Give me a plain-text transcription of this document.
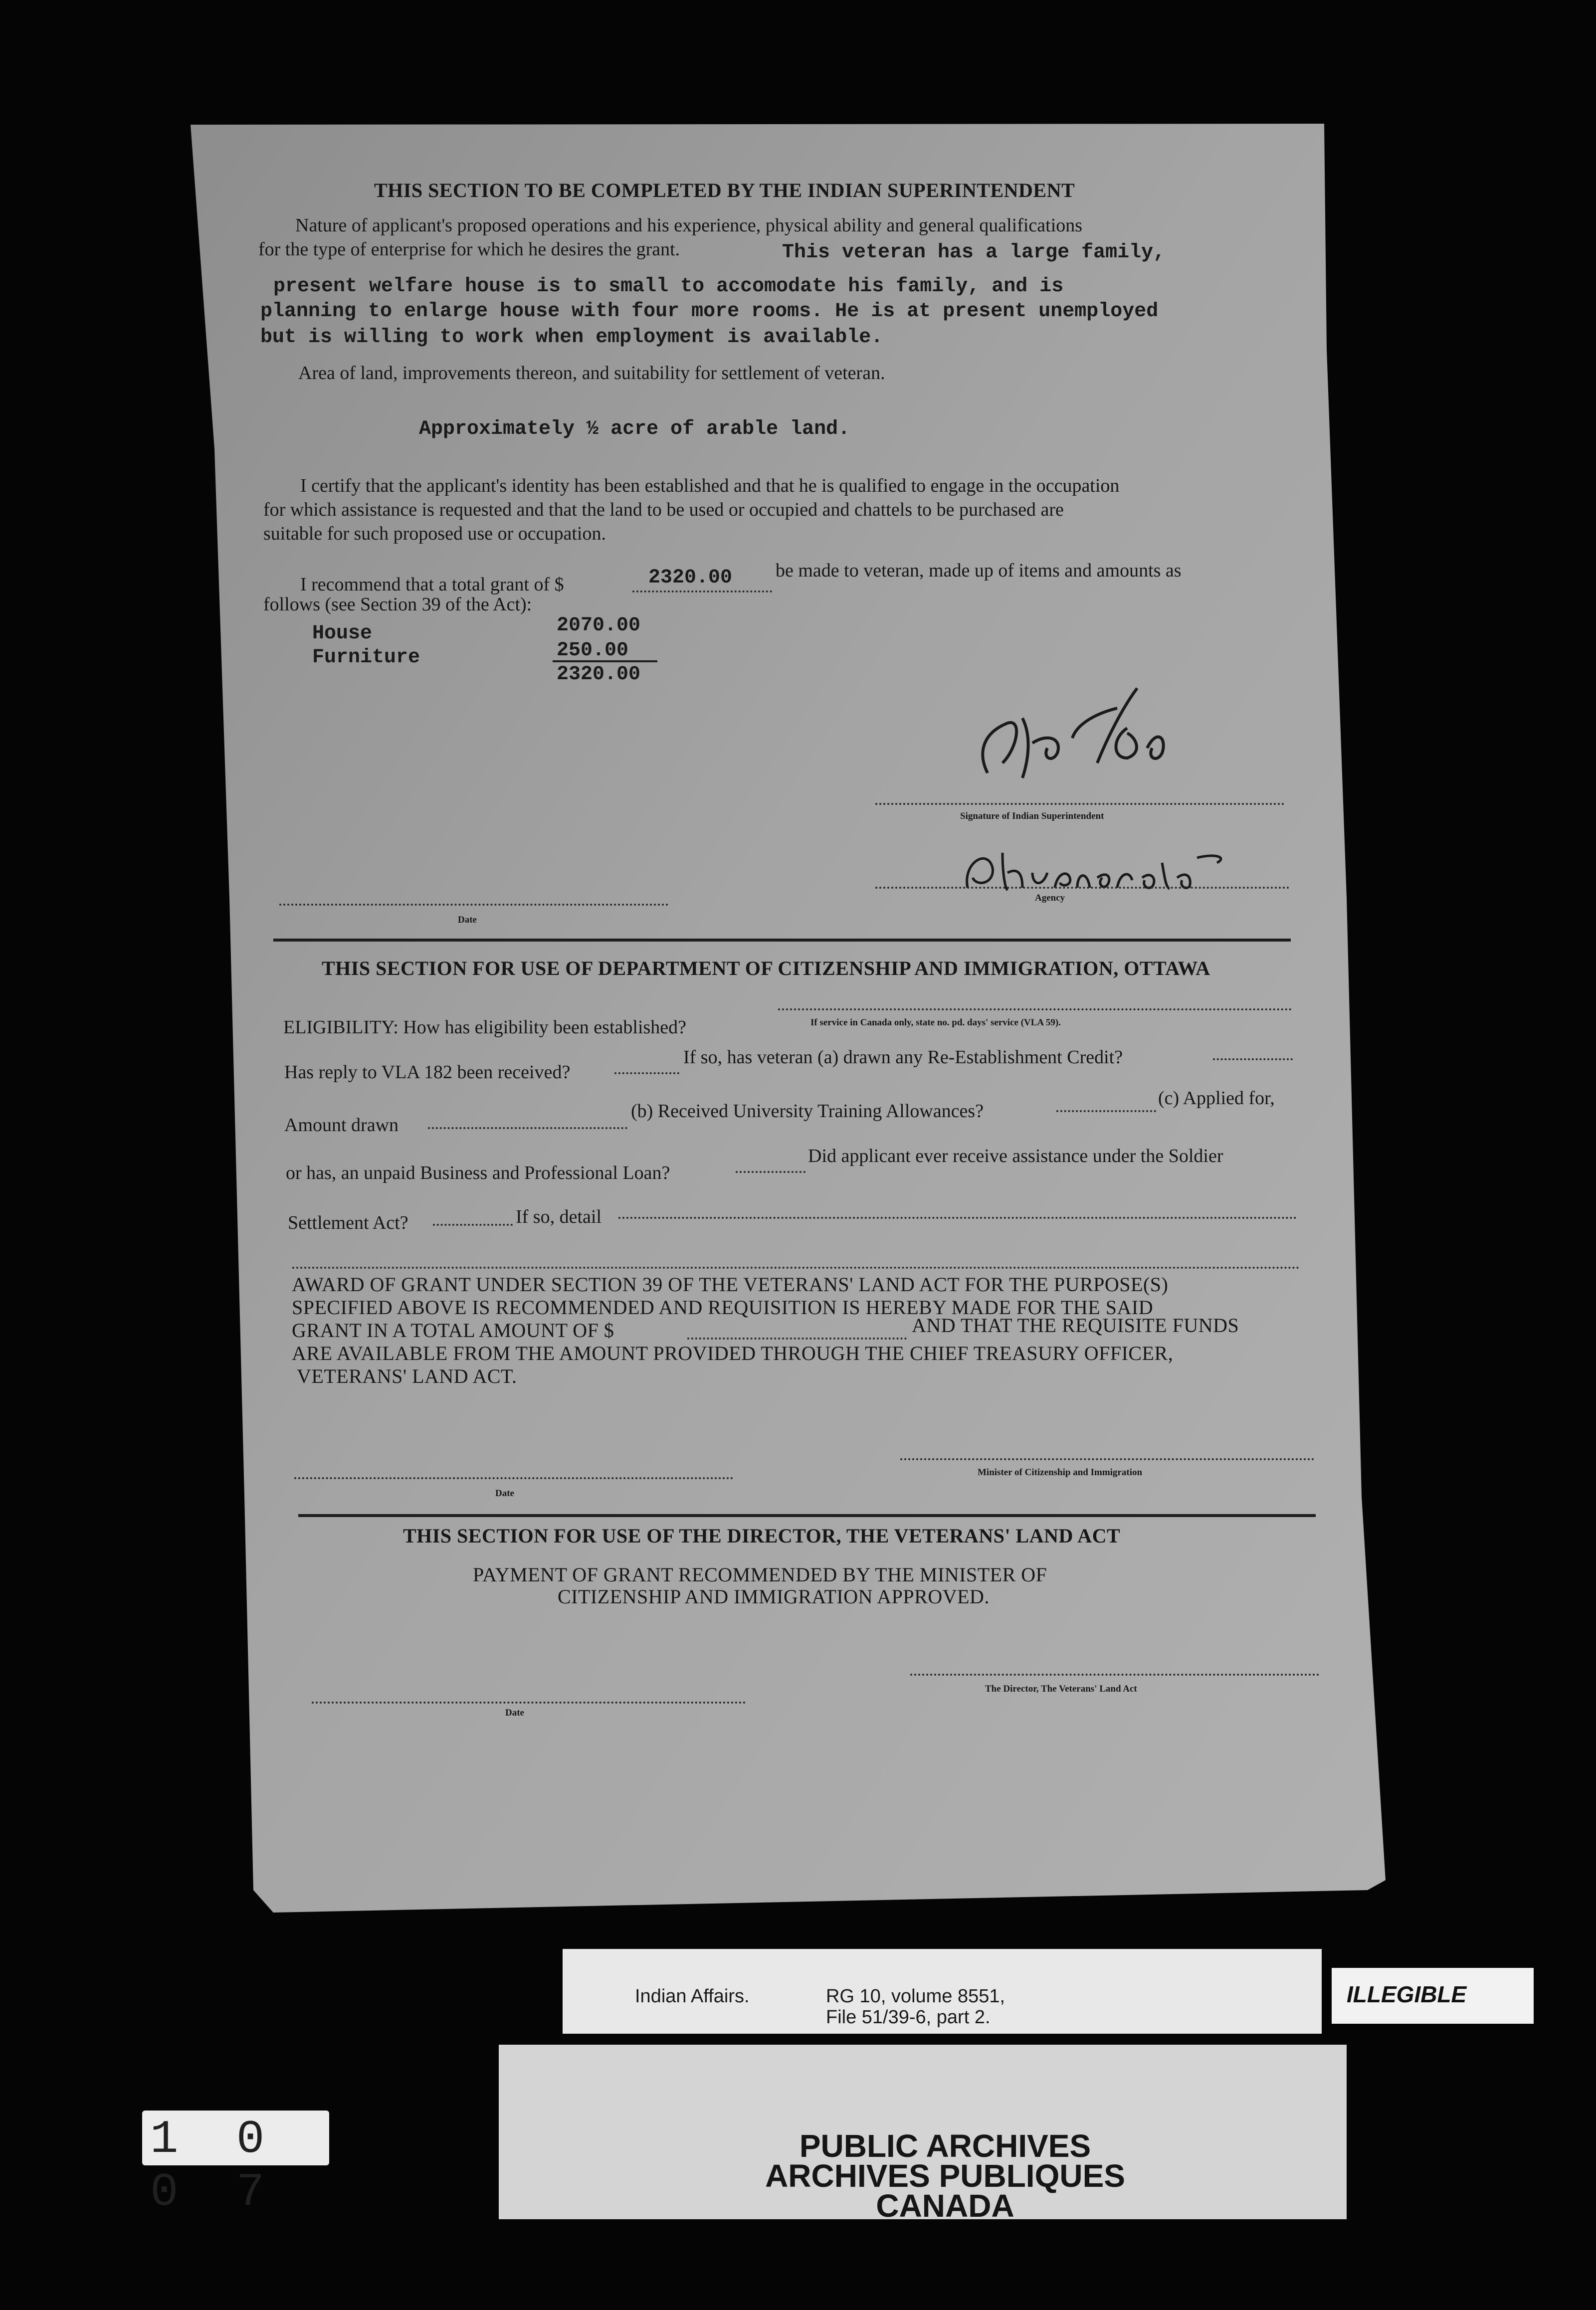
THIS SECTION TO BE COMPLETED BY THE INDIAN SUPERINTENDENT
Nature of applicant's proposed operations and his experience, physical ability and general qualifications
for the type of enterprise for which he desires the grant.	This veteran has a large family,
present welfare house is to small to accomodate his family, and is
planning to enlarge house with four more rooms. He is at present unemployed
but is willing to work when employment is available.
Area of land, improvements thereon, and suitability for settlement of veteran.
Approximately ½ acre of arable land.
I certify that the applicant's identity has been established and that he is qualified to engage in the occupation
for which assistance is requested and that the land to be used or occupied and chattels to be purchased are
suitable for such proposed use or occupation.
I recommend that a total grant of $	2320.00 be made to veteran, made up of items and amounts as
follows (see Section 39 of the Act):
House	2070.00
Furniture	250.00
2320.00
Signature of Indian Superintendent
Agency
Date
THIS SECTION FOR USE OF DEPARTMENT OF CITIZENSHIP AND IMMIGRATION, OTTAWA
ELIGIBILITY: How has eligibility been established?	If service in Canada only, state no. pd. days' service (VLA 59).
Has reply to VLA 182 been received?
If so, has veteran (a) drawn any Re-Establishment Credit?
Amount drawn
(b) Received University Training Allowances?
(c) Applied for,
or has, an unpaid Business and Professional Loan?
Did applicant ever receive assistance under the Soldier
Settlement Act?	If so, detail
AWARD OF GRANT UNDER SECTION 39 OF THE VETERANS' LAND ACT FOR THE PURPOSE(S)
SPECIFIED ABOVE IS RECOMMENDED AND REQUISITION IS HEREBY MADE FOR THE SAID
GRANT IN A TOTAL AMOUNT OF $	AND THAT THE REQUISITE FUNDS
ARE AVAILABLE FROM THE AMOUNT PROVIDED THROUGH THE CHIEF TREASURY OFFICER,
VETERANS' LAND ACT.
Minister of Citizenship and Immigration
Date
THIS SECTION FOR USE OF THE DIRECTOR, THE VETERANS' LAND ACT
PAYMENT OF GRANT RECOMMENDED BY THE MINISTER OF
CITIZENSHIP AND IMMIGRATION APPROVED.
The Director, The Veterans' Land Act
Date
Indian Affairs.	RG 10, volume 8551,
File 51/39-6, part 2.
ILLEGIBLE
PUBLIC ARCHIVES
ARCHIVES PUBLIQUES
CANADA
1 0 0 7
